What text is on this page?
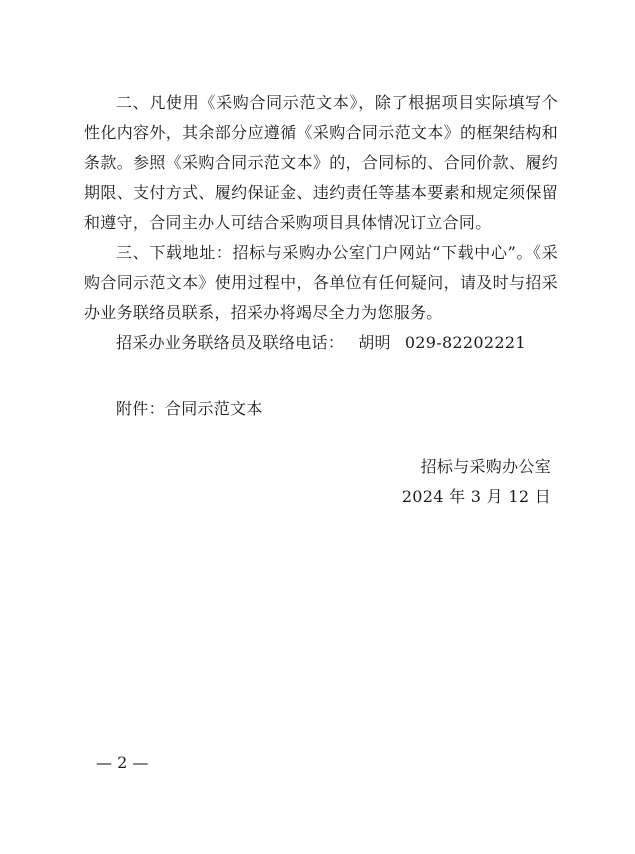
二、凡使用《采购合同示范文本》，除了根据项目实际填写个性化内容外，其余部分应遵循《采购合同示范文本》的框架结构和条款。参照《采购合同示范文本》的，合同标的、合同价款、履约期限、支付方式、履约保证金、违约责任等基本要素和规定须保留和遵守，合同主办人可结合采购项目具体情况订立合同。

三、下载地址：招标与采购办公室门户网站“下载中心”。《采购合同示范文本》使用过程中，各单位有任何疑问，请及时与招采办业务联络员联系，招采办将竭尽全力为您服务。

招采办业务联络员及联络电话： 胡明 029-82202221

附件：合同示范文本
招标与采购办公室
2024 年 3 月 12 日
— 2 —
